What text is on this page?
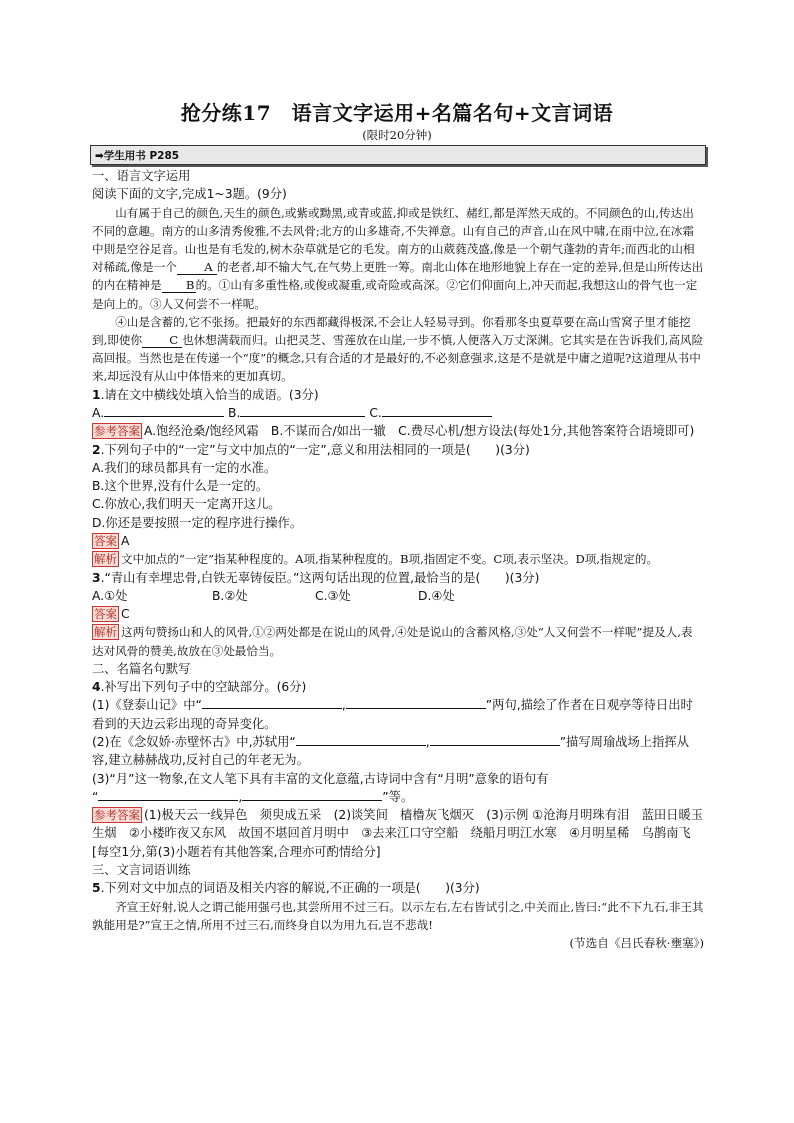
抢分练17　语言文字运用+名篇名句+文言词语
(限时20分钟)
➡学生用书 P285

一、语言文字运用

阅读下面的文字,完成1~3题。(9分)

山有属于自己的颜色,天生的颜色,或紫或黝黑,或青或蓝,抑或是铁红、赭红,都是浑然天成的。不同颜色的山,传达出不同的意趣。南方的山多清秀俊雅,不去风骨;北方的山多雄奇,不失禅意。山有自己的声音,山在风中啸,在雨中泣,在冰霜中則是空谷足音。山也是有毛发的,树木杂草就是它的毛发。南方的山葳蕤茂盛,像是一个朝气蓬勃的青年;而西北的山相对稀疏,像是一个 A 的老者,却不输大气,在气势上更胜一筹。南北山体在地形地貌上存在一定的差异,但是山所传达出的内在精神是 B的。①山有多重性格,或俊或凝重,或奇险或高深。②它们仰面向上,冲天而起,我想这山的骨气也一定是向上的。③人又何尝不一样呢。

④山是含蓄的,它不张扬。把最好的东西都藏得极深,不会让人轻易寻到。你看那冬虫夏草要在高山雪窝子里才能挖到,即使你 C 也休想满载而归。山把灵芝、雪莲放在山崖,一步不慎,人便落入万丈深渊。它其实是在告诉我们,高风险高回报。当然也是在传递一个“度”的概念,只有合适的才是最好的,不必刻意强求,这是不是就是中庸之道呢?这道理从书中来,却远没有从山中体悟来的更加真切。

1.请在文中横线处填入恰当的成语。(3分)

A.	B.	C.

参考答案 A.饱经沧桑/饱经风霜　B.不谋而合/如出一辙　C.费尽心机/想方设法(每处1分,其他答案符合语境即可)

2.下列句子中的“一定”与文中加点的“一定”,意义和用法相同的一项是(　　)(3分)

A.我们的球员都具有一定的水准。

B.这个世界,没有什么是一定的。

C.你放心,我们明天一定离开这儿。

D.你还是要按照一定的程序进行操作。

答案 A

解析 文中加点的“一定”指某种程度的。A项,指某种程度的。B项,指固定不变。C项,表示坚决。D项,指规定的。

3.“青山有幸埋忠骨,白铁无辜铸佞臣。”这两句话出现的位置,最恰当的是(　　)(3分)

A.①处	B.②处	C.③处	D.④处

答案 C

解析 这两句赞扬山和人的风骨,①②两处都是在说山的风骨,④处是说山的含蓄风格,③处“人又何尝不一样呢”提及人,表达对风骨的赞美,故放在③处最恰当。

二、名篇名句默写

4.补写出下列句子中的空缺部分。(6分)

(1)《登泰山记》中“	,	”两句,描绘了作者在日观亭等待日出时看到的天边云彩出现的奇异变化。

(2)在《念奴娇·赤壁怀古》中,苏轼用“	,	”描写周瑜战场上指挥从容,建立赫赫战功,反衬自己的年老无为。

(3)“月”这一物象,在文人笔下具有丰富的文化意蕴,古诗词中含有“月明”意象的语句有

“	,	”等。

参考答案 (1)极天云一线异色　须臾成五采　(2)谈笑间　樯橹灰飞烟灭　(3)示例 ①沧海月明珠有泪　蓝田日暖玉生烟　②小楼昨夜又东风　故国不堪回首月明中　③去来江口守空船　绕船月明江水寒　④月明星稀　乌鹊南飞[每空1分,第(3)小题若有其他答案,合理亦可酌情给分]

三、文言词语训练

5.下列对文中加点的词语及相关内容的解说,不正确的一项是(　　)(3分)

齐宣王好射,说人之谓己能用强弓也,其尝所用不过三石。以示左右,左右皆试引之,中关而止,皆曰:“此不下九石,非王其孰能用是?”宣王之情,所用不过三石,而终身自以为用九石,岂不悲哉!

(节选自《吕氏春秋·壅塞》)
